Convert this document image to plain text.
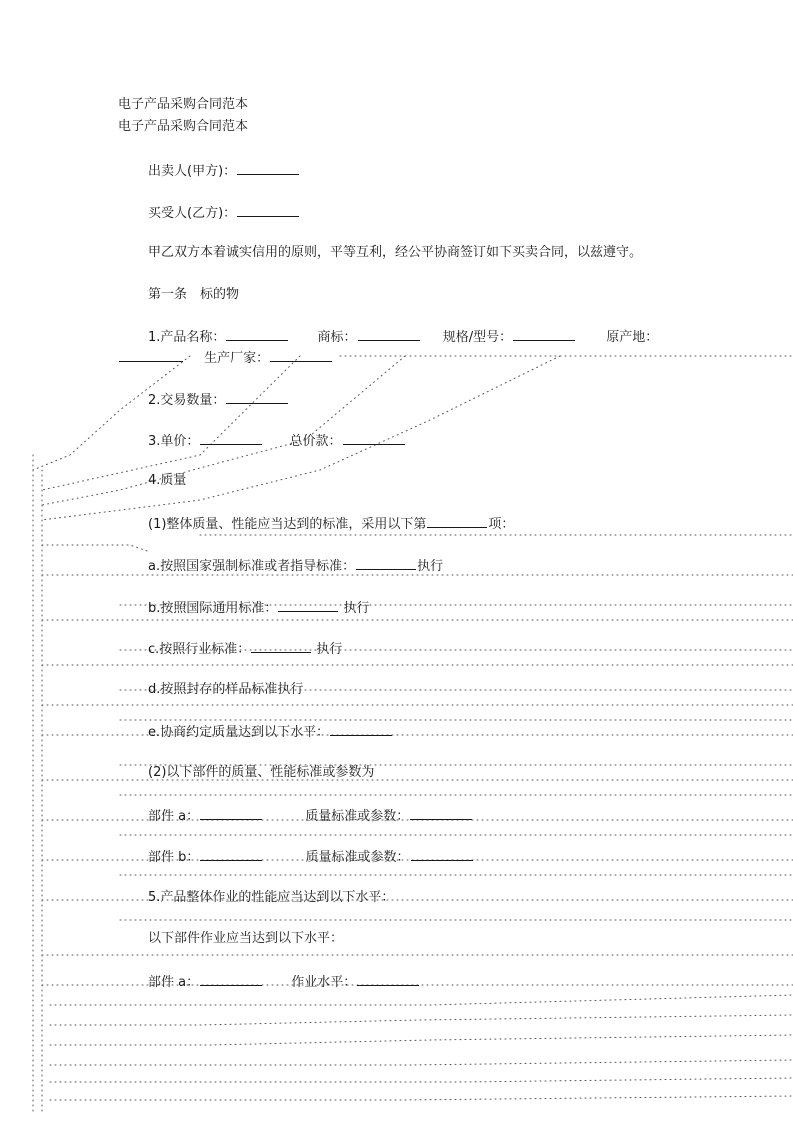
电子产品采购合同范本
电子产品采购合同范本
出卖人(甲方)：
买受人(乙方)：
甲乙双方本着诚实信用的原则，平等互利，经公平协商签订如下买卖合同，以兹遵守。
第一条　标的物
1.产品名称：	商标：	规格/型号：	原产地：
生产厂家：
2.交易数量：
3.单价：	总价款：
4.质量
(1)整体质量、性能应当达到的标准，采用以下第	项：
a.按照国家强制标准或者指导标准：	执行
b.按照国际通用标准：	执行
c.按照行业标准：	执行
d.按照封存的样品标准执行
e.协商约定质量达到以下水平：
(2)以下部件的质量、性能标准或参数为
部件 a：	质量标准或参数：
部件 b：	质量标准或参数：
5.产品整体作业的性能应当达到以下水平：
以下部件作业应当达到以下水平：
部件 a：	作业水平：
